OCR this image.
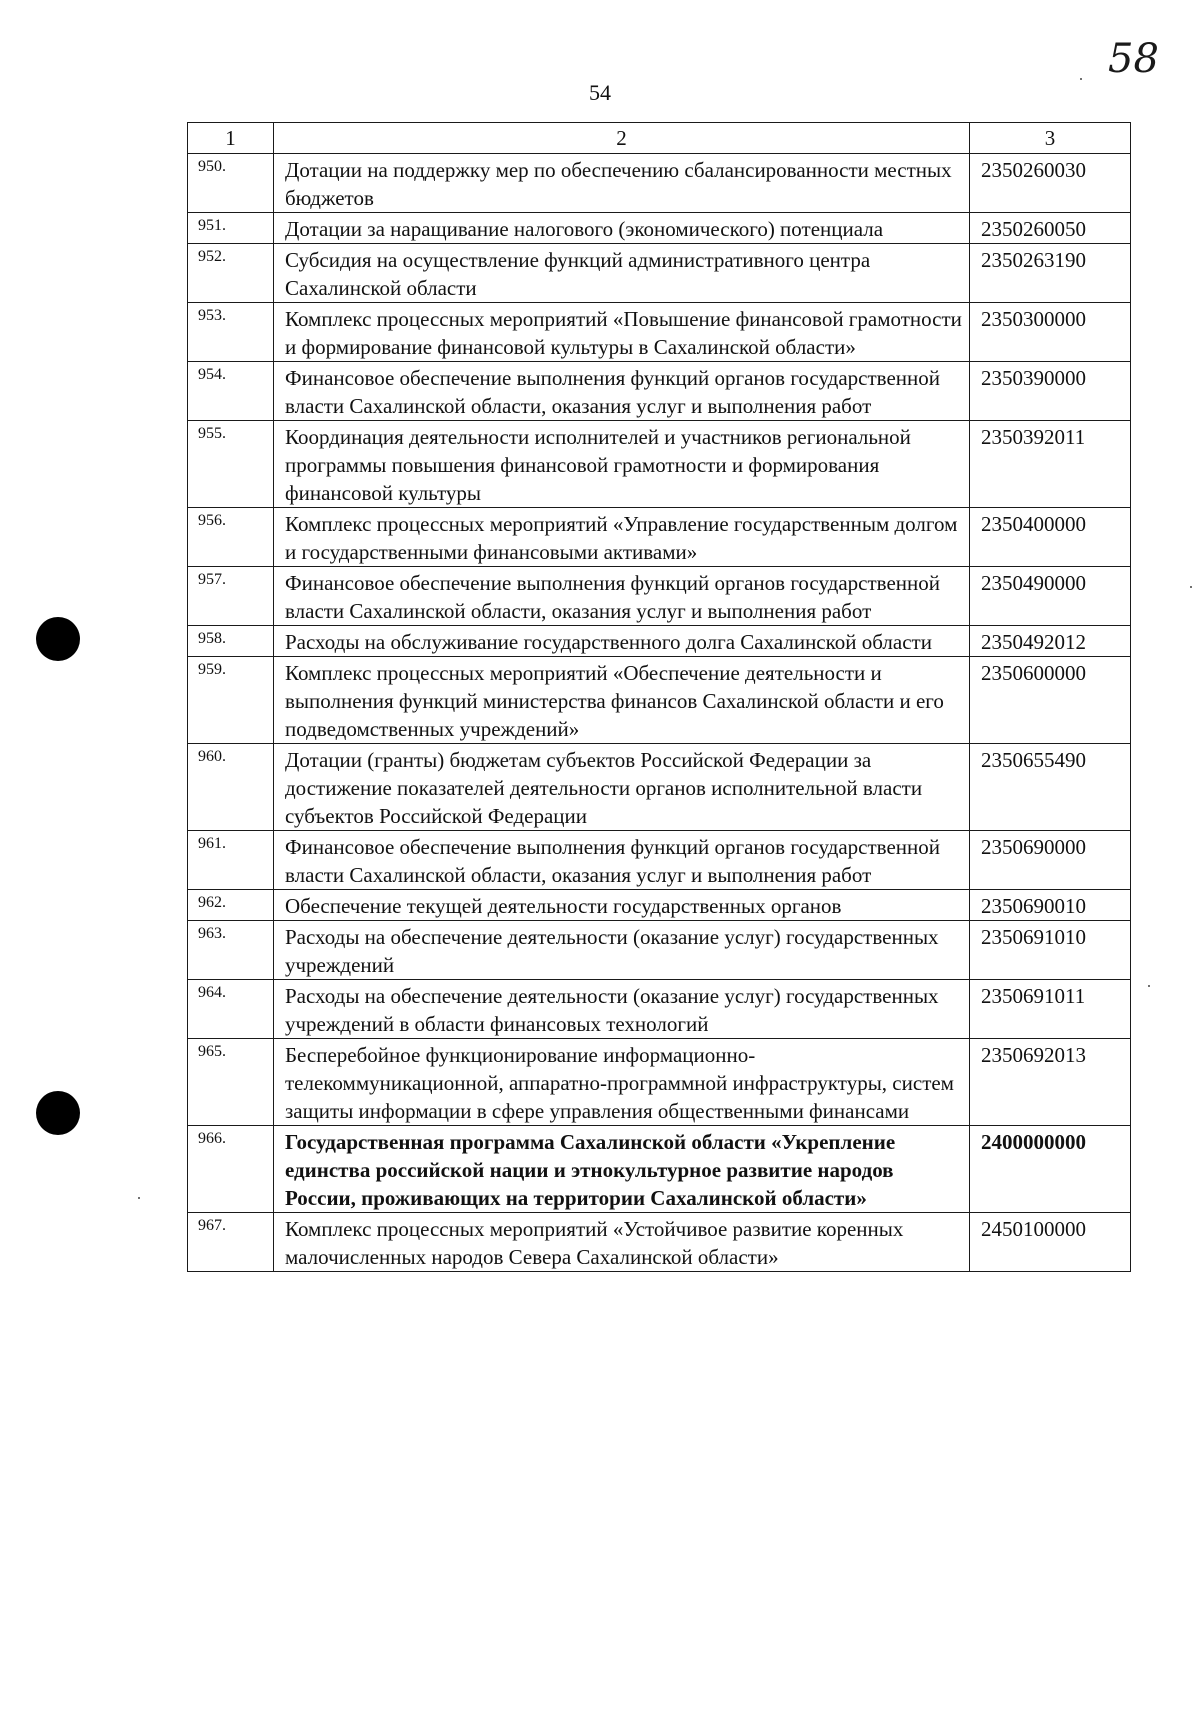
58
54
1	2	3
950.	Дотации на поддержку мер по обеспечению сбалансированности местных бюджетов	2350260030
951.	Дотации за наращивание налогового (экономического) потенциала	2350260050
952.	Субсидия на осуществление функций административного центра Сахалинской области	2350263190
953.	Комплекс процессных мероприятий «Повышение финансовой грамотности и формирование финансовой культуры в Сахалинской области»	2350300000
954.	Финансовое обеспечение выполнения функций органов государственной власти Сахалинской области, оказания услуг и выполнения работ	2350390000
955.	Координация деятельности исполнителей и участников региональной программы повышения финансовой грамотности и формирования финансовой культуры	2350392011
956.	Комплекс процессных мероприятий «Управление государственным долгом и государственными финансовыми активами»	2350400000
957.	Финансовое обеспечение выполнения функций органов государственной власти Сахалинской области, оказания услуг и выполнения работ	2350490000
958.	Расходы на обслуживание государственного долга Сахалинской области	2350492012
959.	Комплекс процессных мероприятий «Обеспечение деятельности и выполнения функций министерства финансов Сахалинской области и его подведомственных учреждений»	2350600000
960.	Дотации (гранты) бюджетам субъектов Российской Федерации за достижение показателей деятельности органов исполнительной власти субъектов Российской Федерации	2350655490
961.	Финансовое обеспечение выполнения функций органов государственной власти Сахалинской области, оказания услуг и выполнения работ	2350690000
962.	Обеспечение текущей деятельности государственных органов	2350690010
963.	Расходы на обеспечение деятельности (оказание услуг) государственных учреждений	2350691010
964.	Расходы на обеспечение деятельности (оказание услуг) государственных учреждений в области финансовых технологий	2350691011
965.	Бесперебойное функционирование информационно-телекоммуникационной, аппаратно-программной инфраструктуры, систем защиты информации в сфере управления общественными финансами	2350692013
966.	Государственная программа Сахалинской области «Укрепление единства российской нации и этнокультурное развитие народов России, проживающих на территории Сахалинской области»	2400000000
967.	Комплекс процессных мероприятий «Устойчивое развитие коренных малочисленных народов Севера Сахалинской области»	2450100000
